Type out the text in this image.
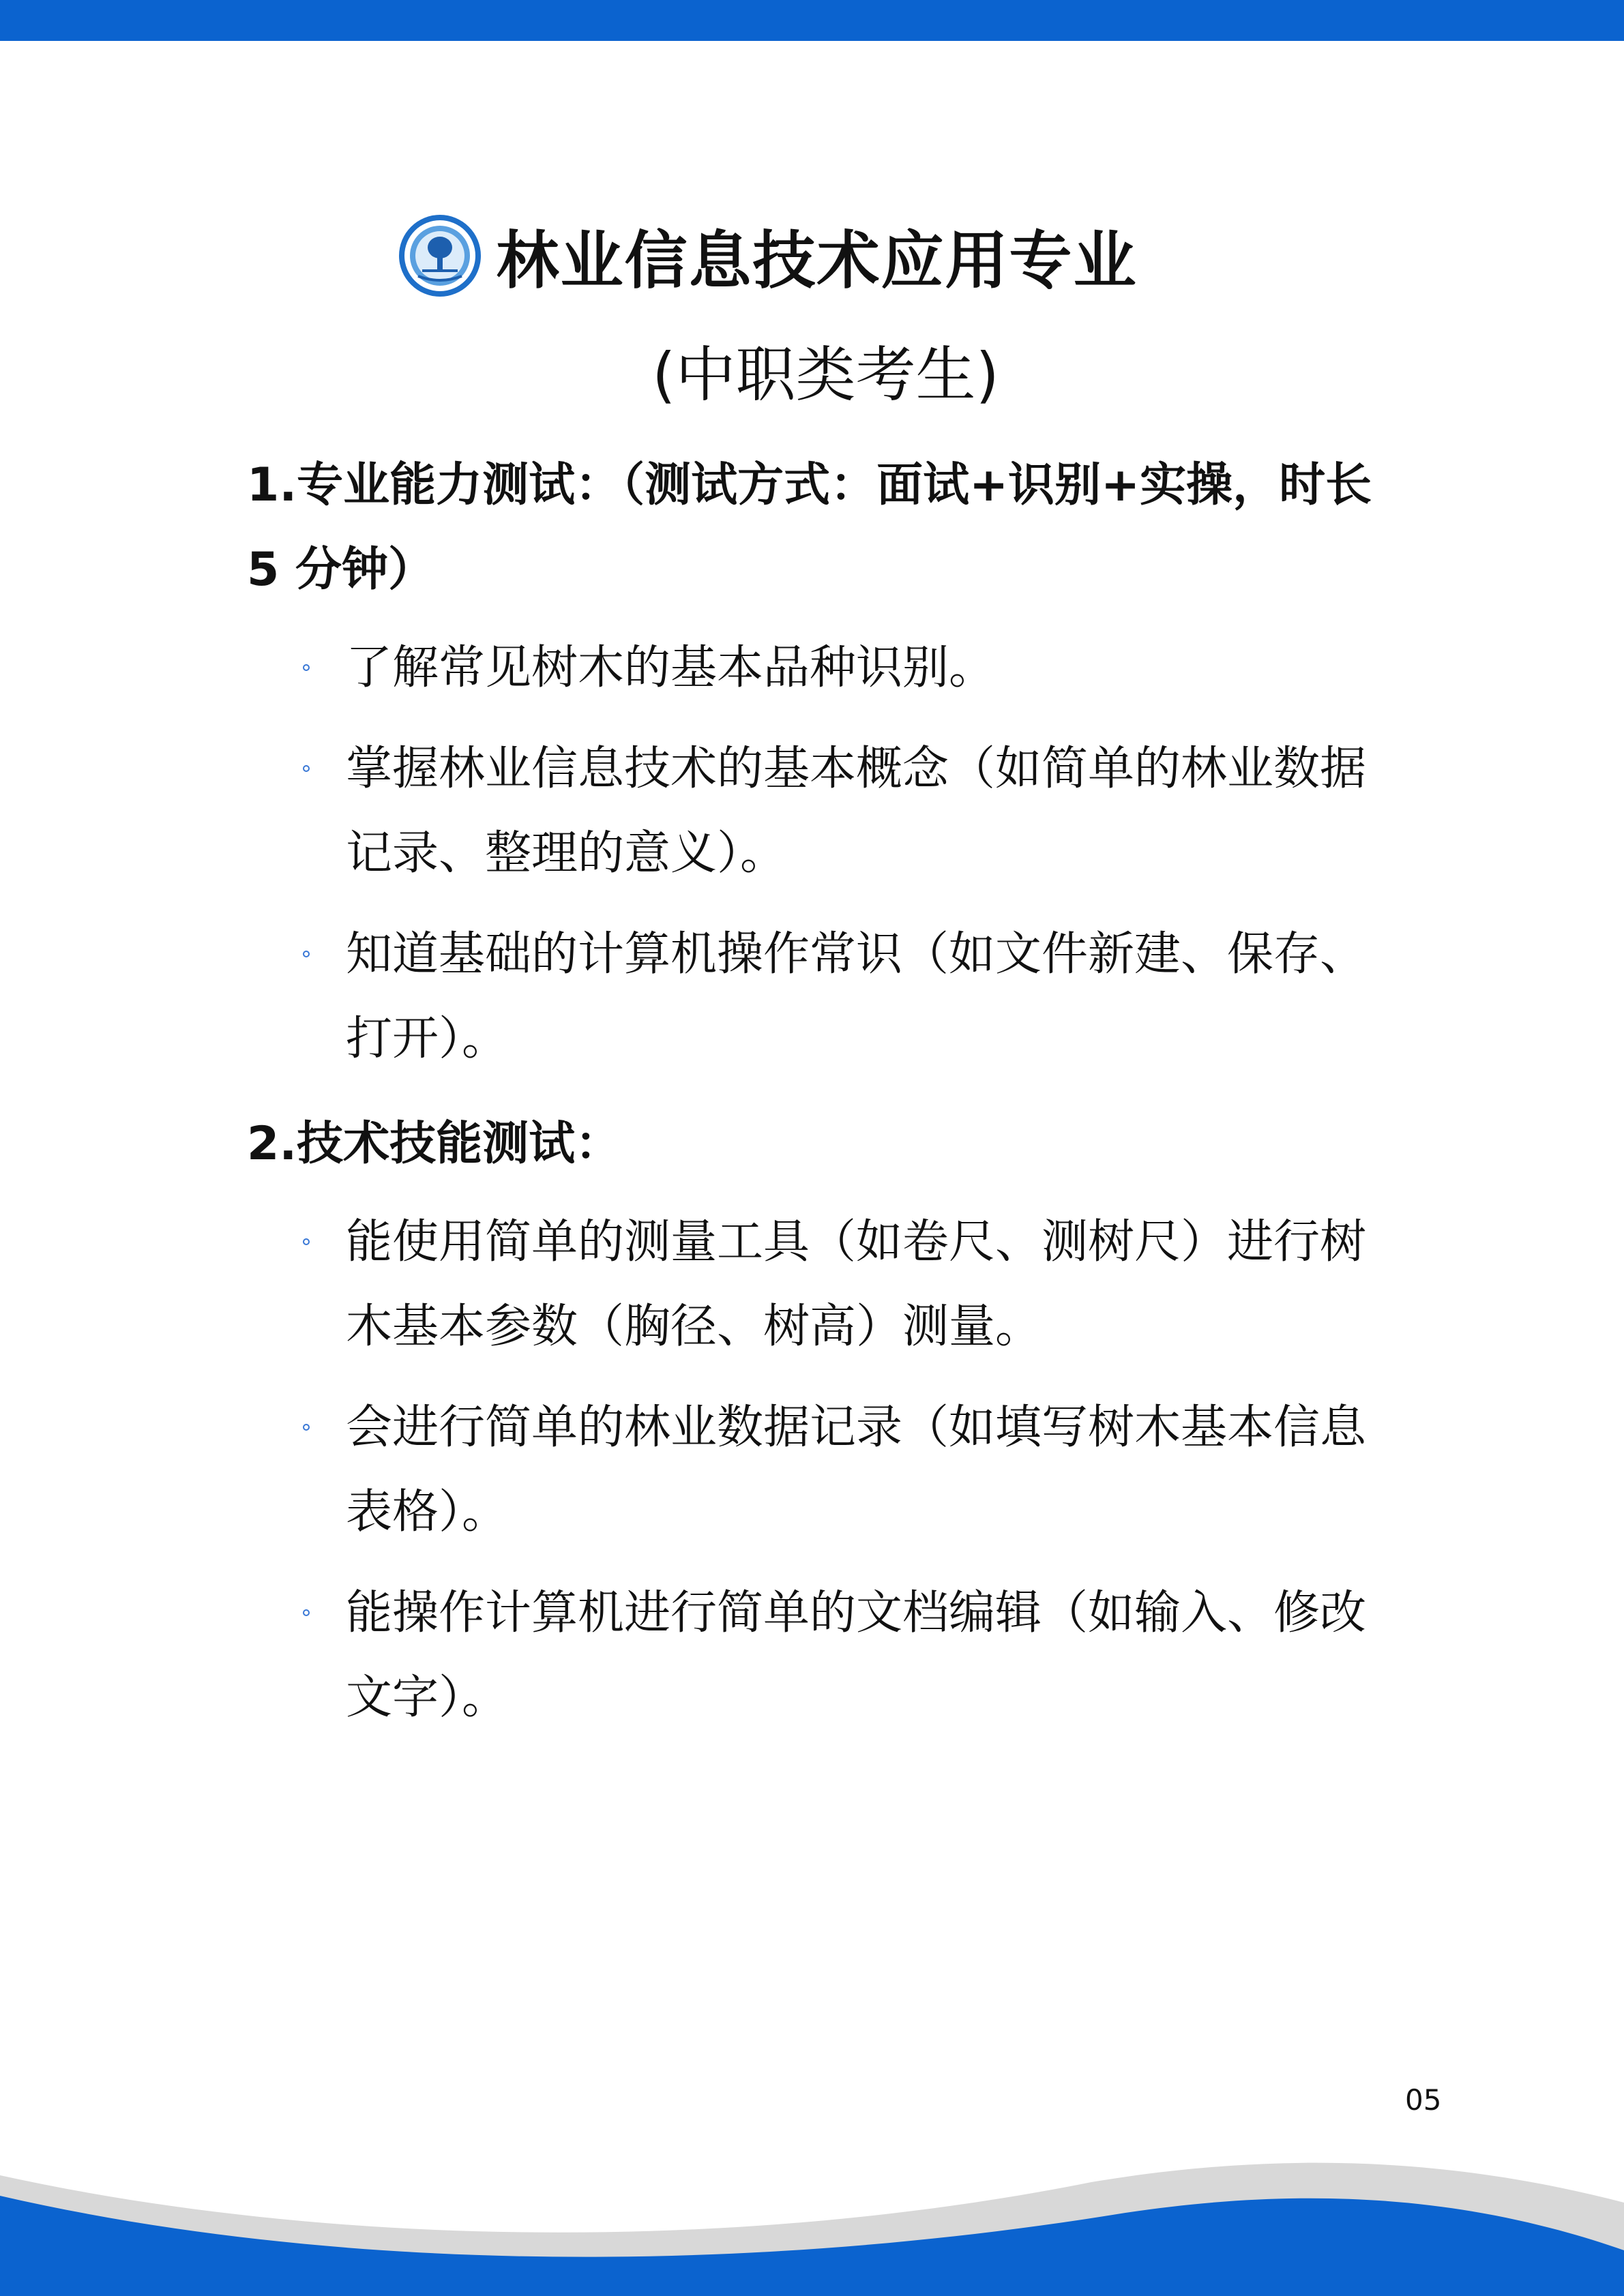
林业信息技术应用专业
(中职类考生)

1.专业能力测试：（测试方式：面试+识别+实操，时长 5 分钟）

了解常见树木的基本品种识别。
掌握林业信息技术的基本概念（如简单的林业数据记录、整理的意义）。
知道基础的计算机操作常识（如文件新建、保存、打开）。

2.技术技能测试：

能使用简单的测量工具（如卷尺、测树尺）进行树木基本参数（胸径、树高）测量。
会进行简单的林业数据记录（如填写树木基本信息表格）。
能操作计算机进行简单的文档编辑（如输入、修改文字）。
05
